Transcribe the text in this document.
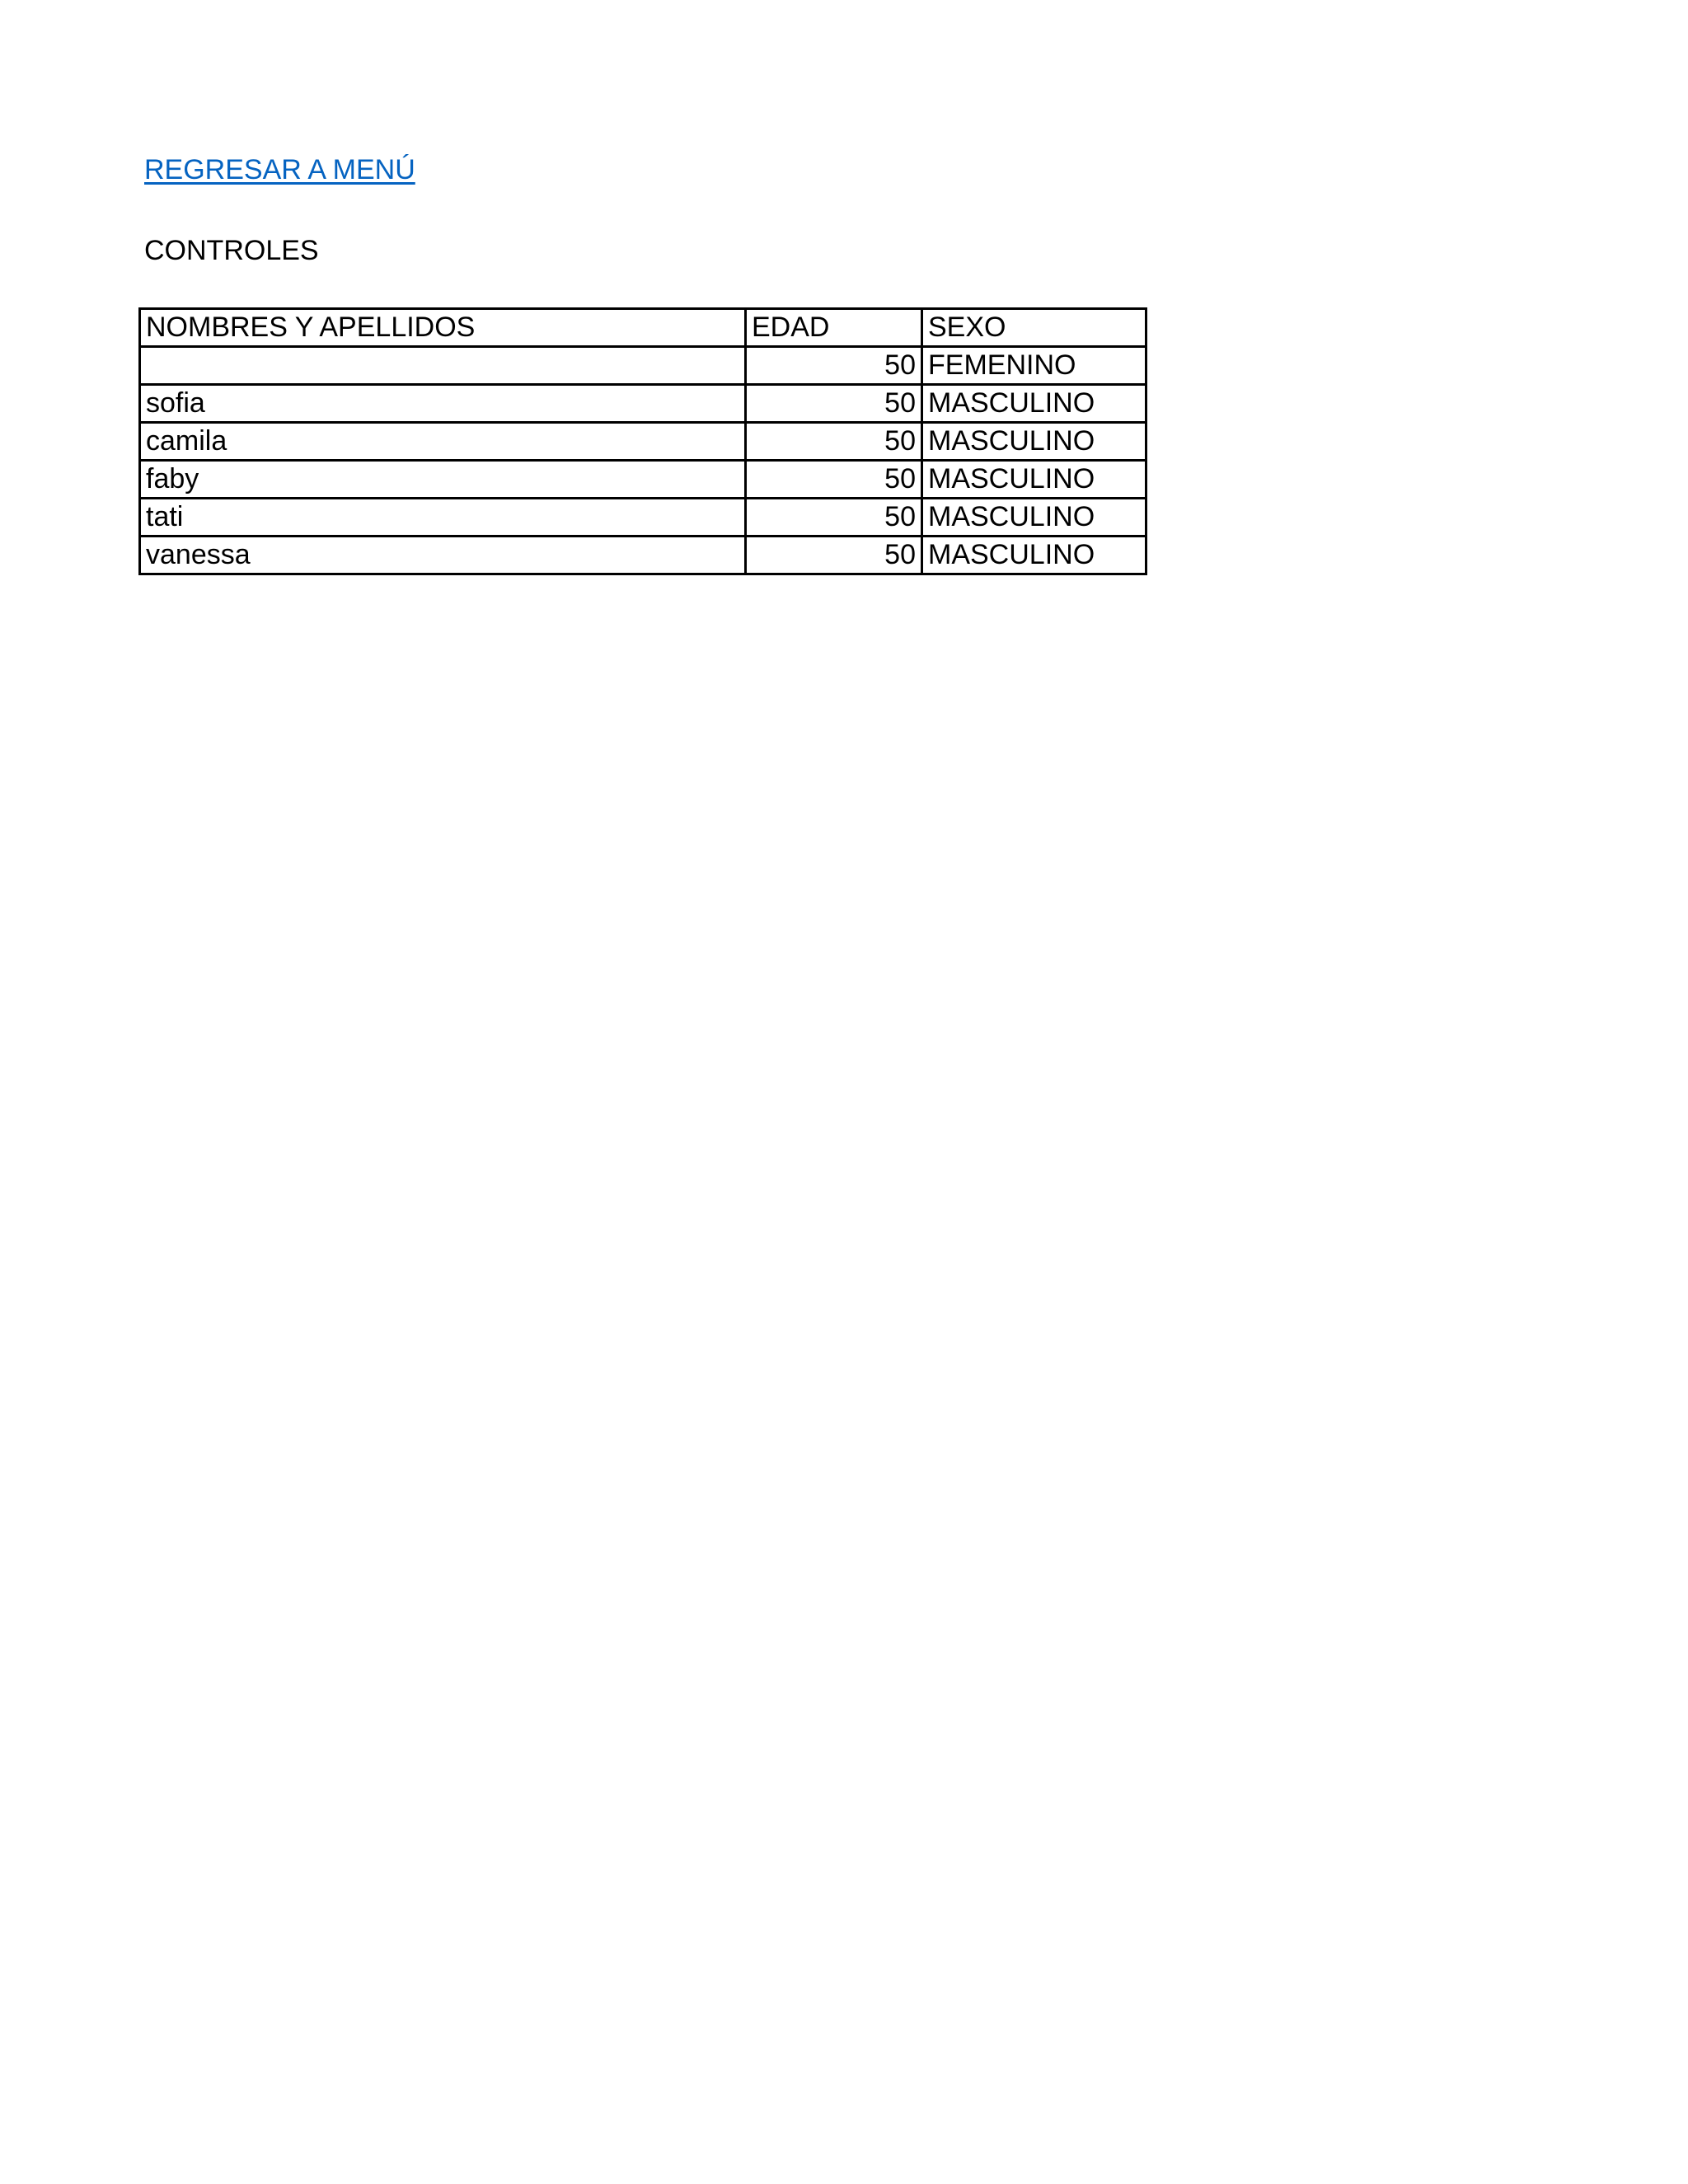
REGRESAR A MENÚ
CONTROLES
NOMBRES Y APELLIDOS	EDAD	SEXO
	50	FEMENINO
sofia	50	MASCULINO
camila	50	MASCULINO
faby	50	MASCULINO
tati	50	MASCULINO
vanessa	50	MASCULINO
